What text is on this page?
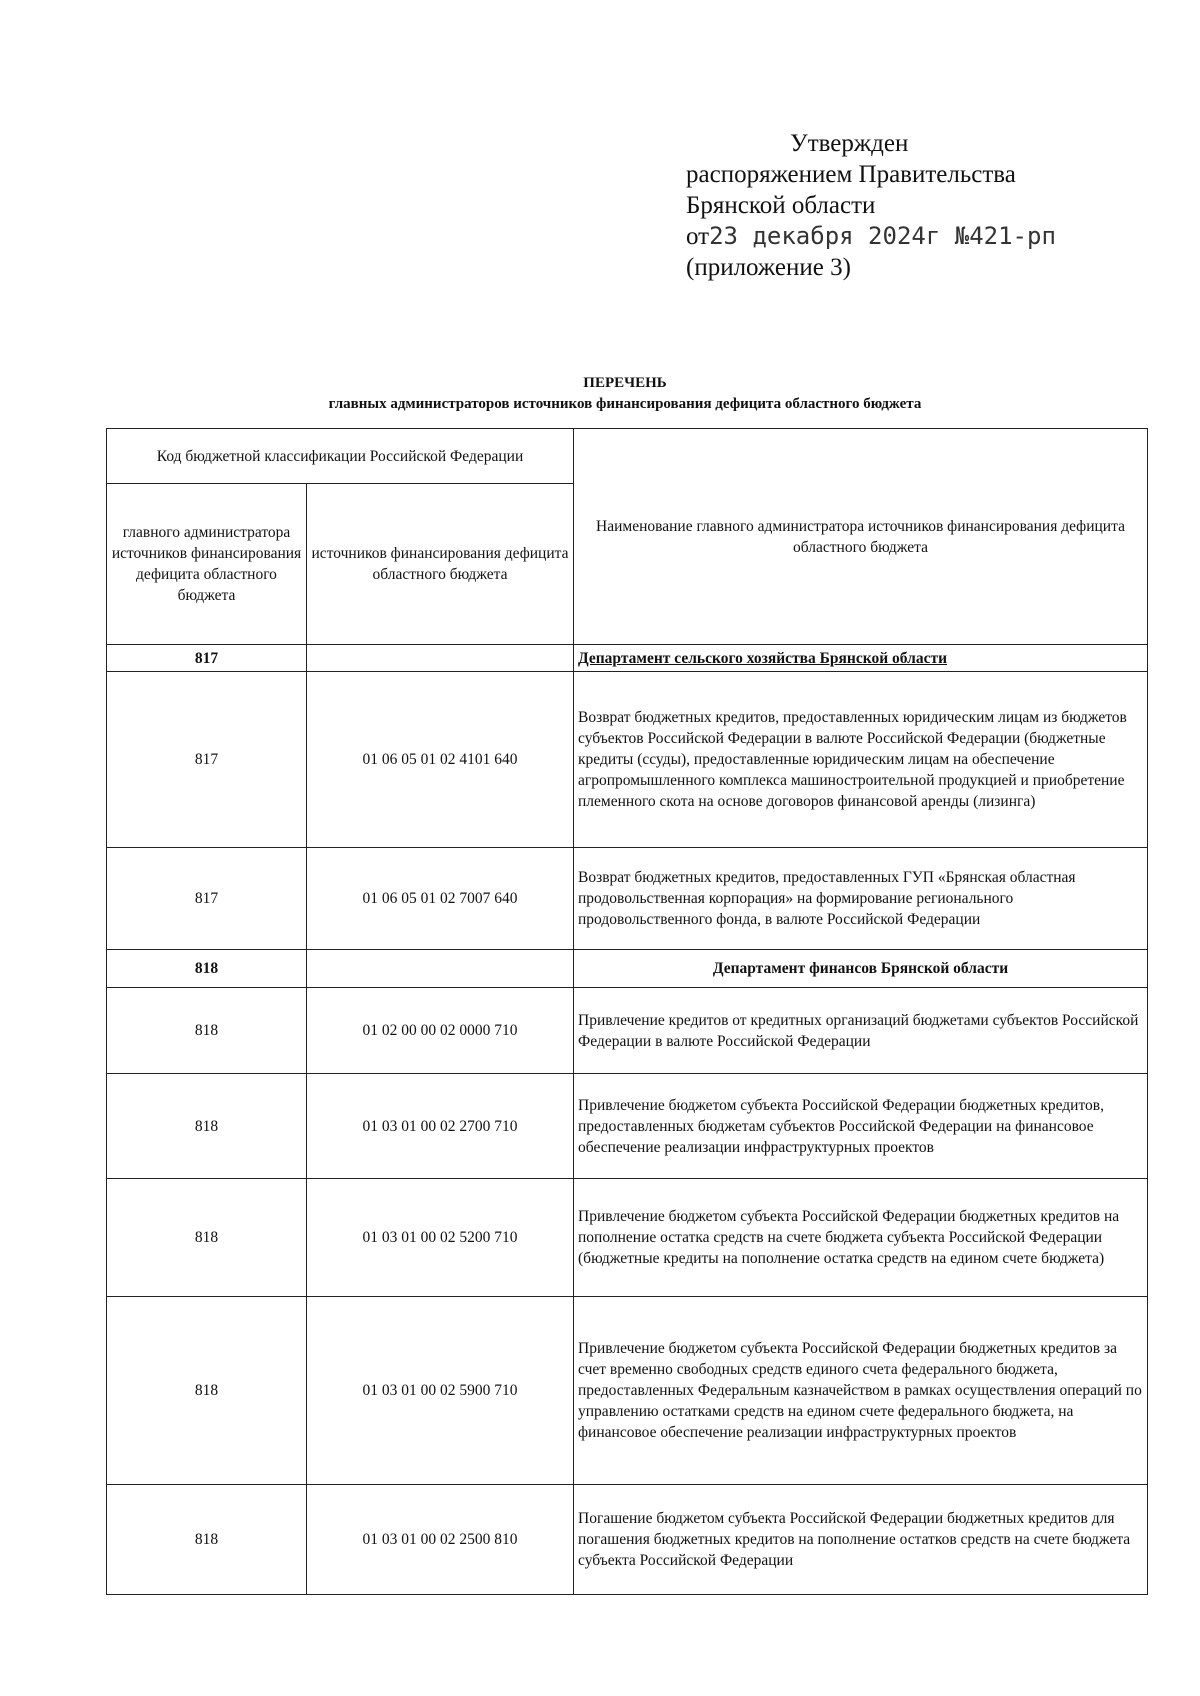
Утвержден
распоряжением Правительства
Брянской области
от23 декабря 2024г №421-рп
(приложение 3)
ПЕРЕЧЕНЬ
главных администраторов источников финансирования дефицита областного бюджета
Код бюджетной классификации Российской Федерации		Наименование главного администратора источников финансирования дефицита областного бюджета
главного администратора источников финансирования дефицита областного бюджета	источников финансирования дефицита областного бюджета	
817		Департамент сельского хозяйства Брянской области
817	01 06 05 01 02 4101 640	Возврат бюджетных кредитов, предоставленных юридическим лицам из бюджетов субъектов Российской Федерации в валюте Российской Федерации (бюджетные кредиты (ссуды), предоставленные юридическим лицам на обеспечение агропромышленного комплекса машиностроительной продукцией и приобретение племенного скота на основе договоров финансовой аренды (лизинга)
817	01 06 05 01 02 7007 640	Возврат бюджетных кредитов, предоставленных ГУП «Брянская областная продовольственная корпорация» на формирование регионального продовольственного фонда, в валюте Российской Федерации
818		Департамент финансов Брянской области
818	01 02 00 00 02 0000 710	Привлечение кредитов от кредитных организаций бюджетами субъектов Российской Федерации в валюте Российской Федерации
818	01 03 01 00 02 2700 710	Привлечение бюджетом субъекта Российской Федерации бюджетных кредитов, предоставленных бюджетам субъектов Российской Федерации на финансовое обеспечение реализации инфраструктурных проектов
818	01 03 01 00 02 5200 710	Привлечение бюджетом субъекта Российской Федерации бюджетных кредитов на пополнение остатка средств на счете бюджета субъекта Российской Федерации (бюджетные кредиты на пополнение остатка средств на едином счете бюджета)
818	01 03 01 00 02 5900 710	Привлечение бюджетом субъекта Российской Федерации бюджетных кредитов за счет временно свободных средств единого счета федерального бюджета, предоставленных Федеральным казначейством в рамках осуществления операций по управлению остатками средств на едином счете федерального бюджета, на финансовое обеспечение реализации инфраструктурных проектов
818	01 03 01 00 02 2500 810	Погашение бюджетом субъекта Российской Федерации бюджетных кредитов для погашения бюджетных кредитов на пополнение остатков средств на счете бюджета субъекта Российской Федерации
